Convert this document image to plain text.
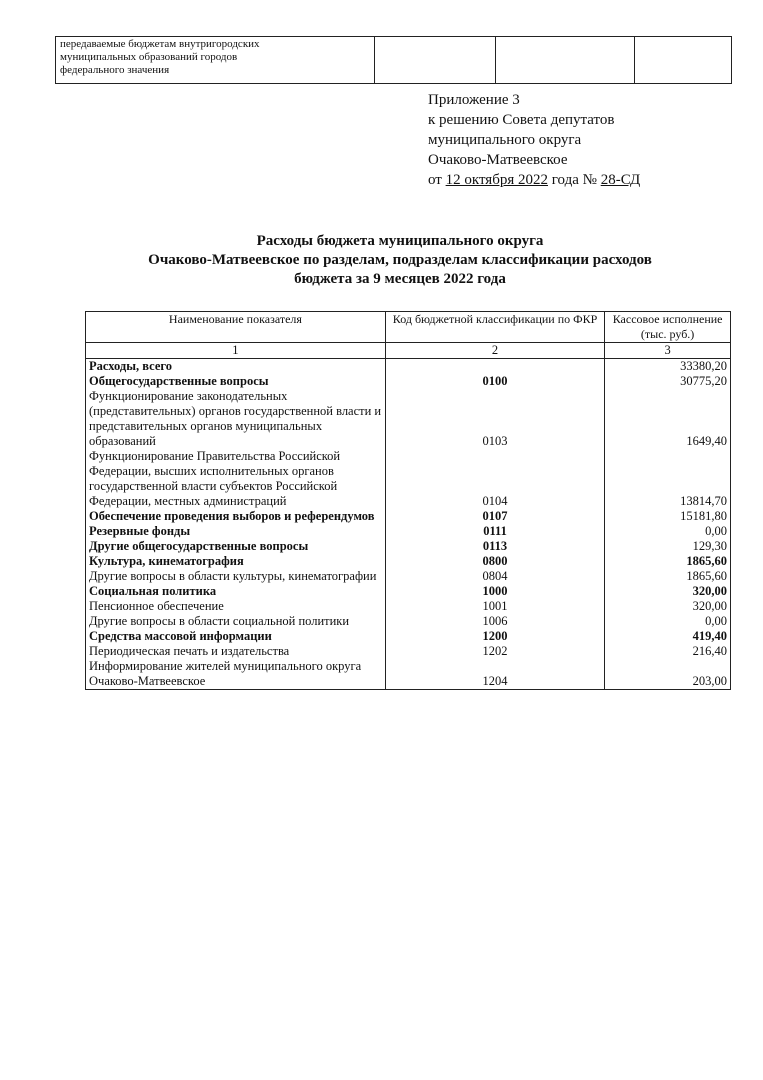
передаваемые бюджетам внутригородских
муниципальных образований городов
федерального значения

Приложение 3
к решению Совета депутатов
муниципального округа
Очаково-Матвеевское
от 12 октября 2022 года № 28-СД
Расходы бюджета муниципального округа
Очаково-Матвеевское по разделам, подразделам классификации расходов
бюджета за 9 месяцев 2022 года
Наименование показателя	Код бюджетной классификации по ФКР	Кассовое исполнение (тыс. руб.)
1	2	3
Расходы, всего		33380,20
Общегосударственные вопросы	0100	30775,20
Функционирование законодательных (представительных) органов государственной власти и представительных органов муниципальных образований	0103	1649,40
Функционирование Правительства Российской Федерации, высших исполнительных органов государственной власти субъектов Российской Федерации, местных администраций	0104	13814,70
Обеспечение проведения выборов и референдумов	0107	15181,80
Резервные фонды	0111	0,00
Другие общегосударственные вопросы	0113	129,30
Культура, кинематография	0800	1865,60
Другие вопросы в области культуры, кинематографии	0804	1865,60
Социальная политика	1000	320,00
Пенсионное обеспечение	1001	320,00
Другие вопросы в области социальной политики	1006	0,00
Средства массовой информации	1200	419,40
Периодическая печать и издательства	1202	216,40
Информирование жителей муниципального округа Очаково-Матвеевское	1204	203,00
